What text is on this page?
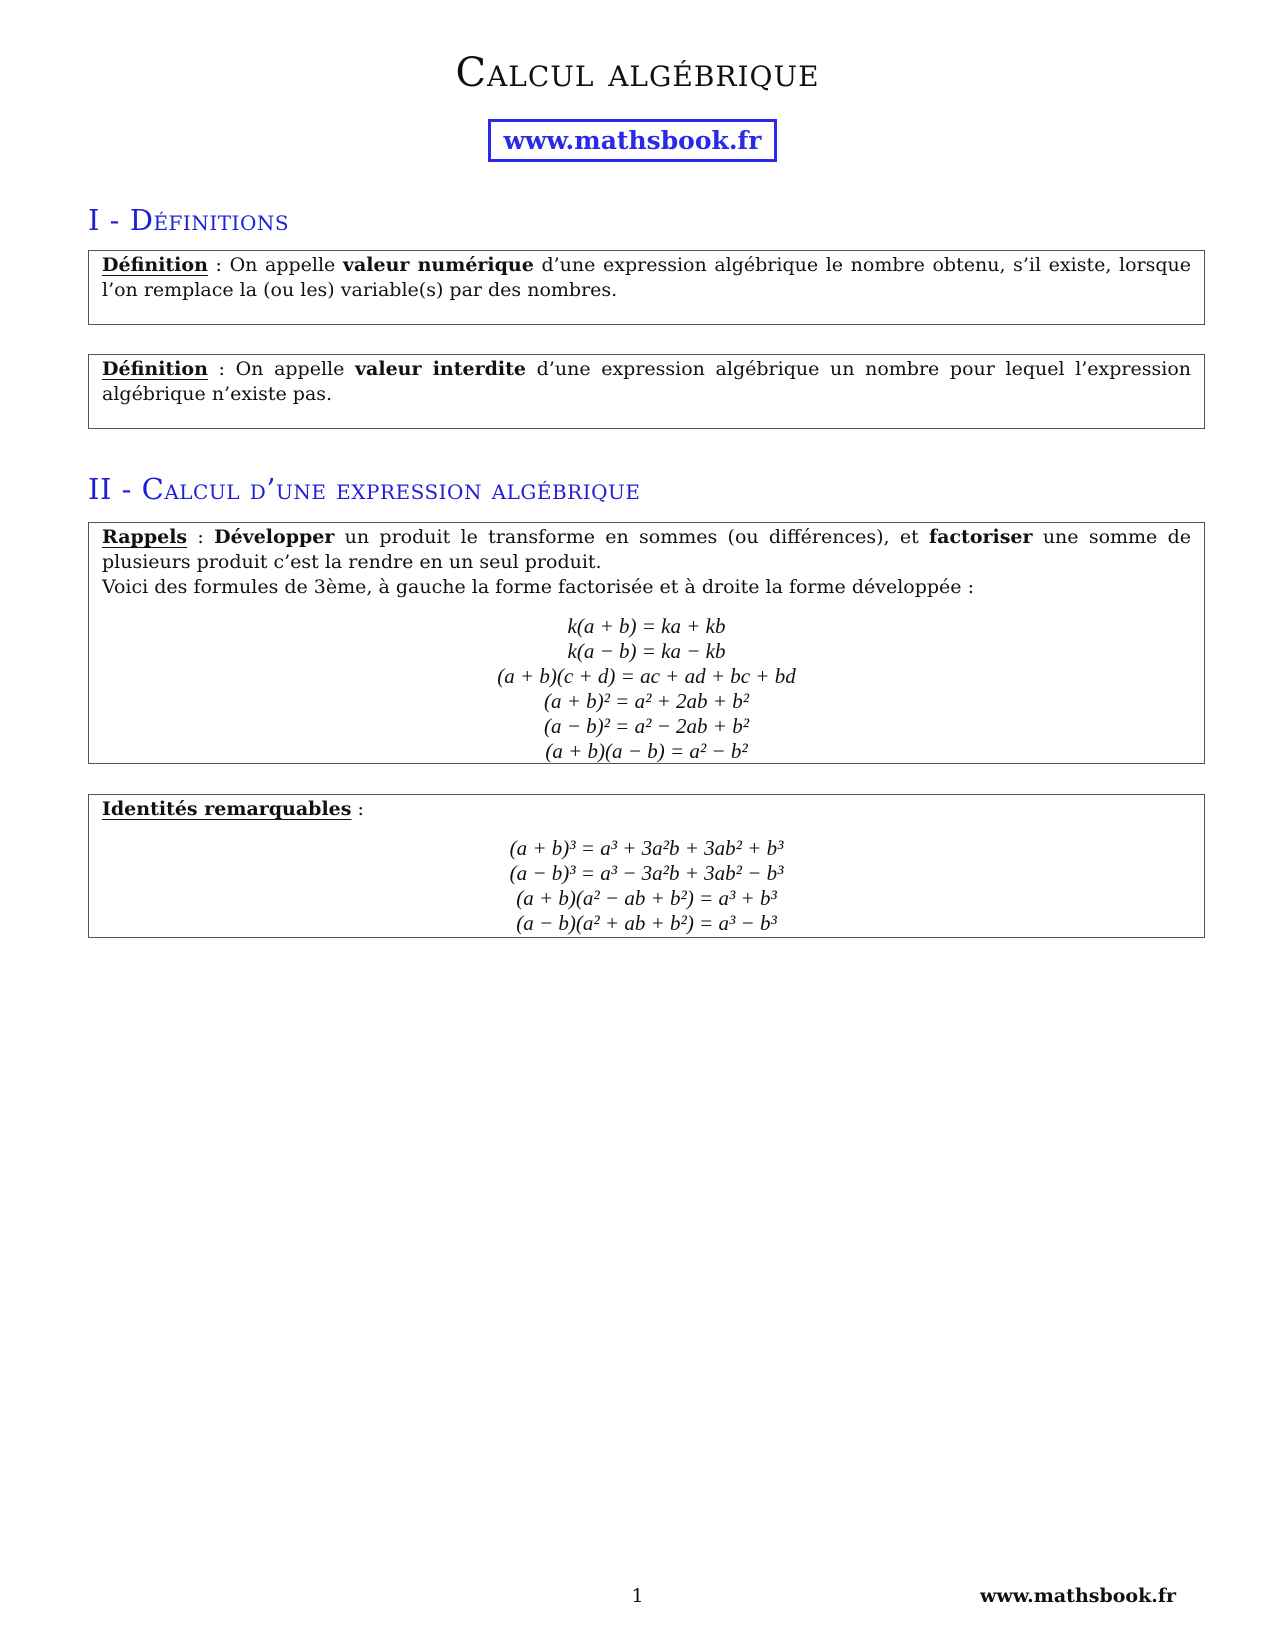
Calcul algébrique
www.mathsbook.fr
I - Définitions
Définition : On appelle valeur numérique d’une expression algébrique le nombre obtenu, s’il existe, lorsque l’on remplace la (ou les) variable(s) par des nombres.
Définition : On appelle valeur interdite d’une expression algébrique un nombre pour lequel l’expression algébrique n’existe pas.
II - Calcul d’une expression algébrique
Rappels : Développer un produit le transforme en sommes (ou différences), et factoriser une somme de plusieurs produit c’est la rendre en un seul produit.
Voici des formules de 3ème, à gauche la forme factorisée et à droite la forme développée :
k(a + b) = ka + kb
k(a − b) = ka − kb
(a + b)(c + d) = ac + ad + bc + bd
(a + b)² = a² + 2ab + b²
(a − b)² = a² − 2ab + b²
(a + b)(a − b) = a² − b²
Identités remarquables :
(a + b)³ = a³ + 3a²b + 3ab² + b³
(a − b)³ = a³ − 3a²b + 3ab² − b³
(a + b)(a² − ab + b²) = a³ + b³
(a − b)(a² + ab + b²) = a³ − b³
1	www.mathsbook.fr
